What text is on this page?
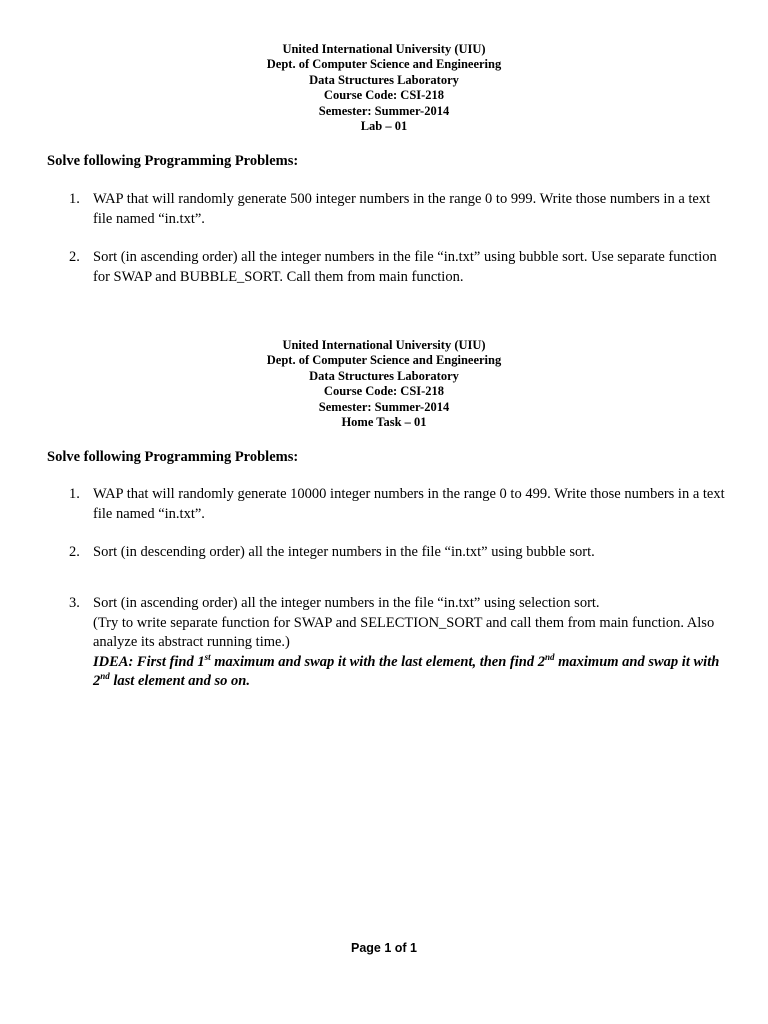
United International University (UIU)
Dept. of Computer Science and Engineering
Data Structures Laboratory
Course Code: CSI-218
Semester: Summer-2014
Lab – 01
Solve following Programming Problems:
1. WAP that will randomly generate 500 integer numbers in the range 0 to 999. Write those numbers in a text file named “in.txt”.
2. Sort (in ascending order) all the integer numbers in the file “in.txt” using bubble sort. Use separate function for SWAP and BUBBLE_SORT. Call them from main function.
United International University (UIU)
Dept. of Computer Science and Engineering
Data Structures Laboratory
Course Code: CSI-218
Semester: Summer-2014
Home Task – 01
Solve following Programming Problems:
1. WAP that will randomly generate 10000 integer numbers in the range 0 to 499. Write those numbers in a text file named “in.txt”.
2. Sort (in descending order) all the integer numbers in the file “in.txt” using bubble sort.
3. Sort (in ascending order) all the integer numbers in the file “in.txt” using selection sort.
(Try to write separate function for SWAP and SELECTION_SORT and call them from main function. Also analyze its abstract running time.)
IDEA: First find 1st maximum and swap it with the last element, then find 2nd maximum and swap it with 2nd last element and so on.
Page 1 of 1
